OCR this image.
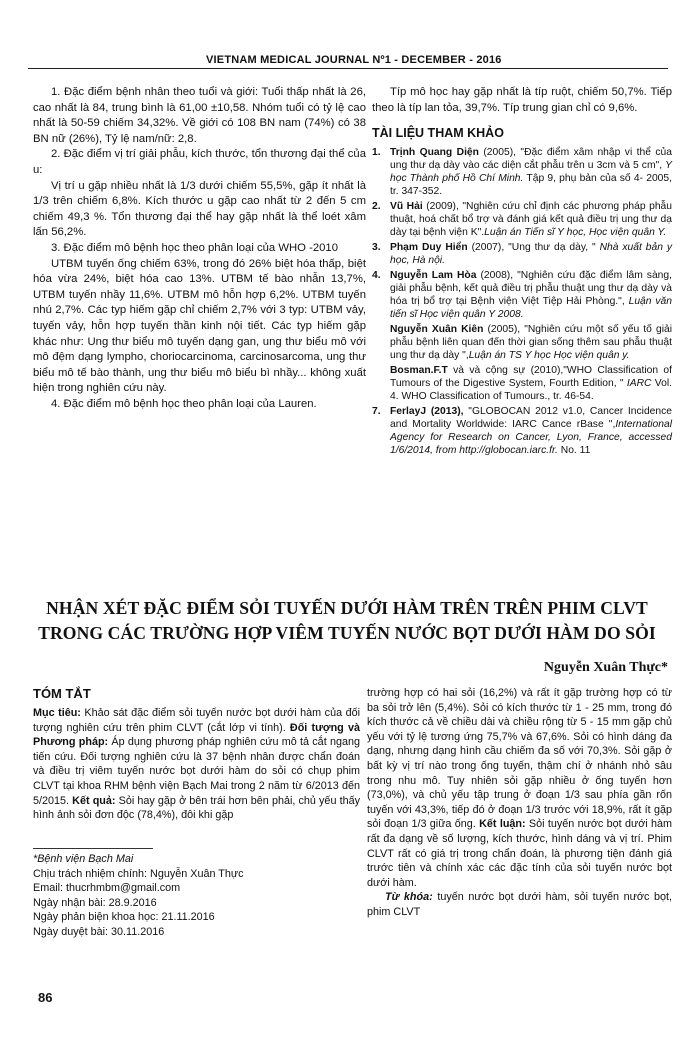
VIETNAM MEDICAL JOURNAL Nº1 - DECEMBER - 2016

1. Đặc điểm bệnh nhân theo tuổi và giới: Tuổi thấp nhất là 26, cao nhất là 84, trung bình là 61,00 ±10,58. Nhóm tuổi có tỷ lệ cao nhất là 50-59 chiếm 34,32%. Về giới có 108 BN nam (74%) có 38 BN nữ (26%), Tỷ lệ nam/nữ: 2,8.

2. Đặc điểm vị trí giải phẫu, kích thước, tổn thương đại thể của u:

Vị trí u gặp nhiều nhất là 1/3 dưới chiếm 55,5%, gặp ít nhất là 1/3 trên chiếm 6,8%. Kích thước u gặp cao nhất từ 2 đến 5 cm chiếm 49,3 %. Tổn thương đại thể hay gặp nhất là thể loét xâm lấn 56,2%.

3. Đặc điểm mô bệnh học theo phân loại của WHO -2010

UTBM tuyến ống chiếm 63%, trong đó 26% biệt hóa thấp, biệt hóa vừa 24%, biệt hóa cao 13%. UTBM tế bào nhẫn 13,7%, UTBM tuyến nhầy 11,6%. UTBM mô hỗn hợp 6,2%. UTBM tuyến nhú 2,7%. Các typ hiếm gặp chỉ chiếm 2,7% với 3 typ: UTBM vảy, tuyến vảy, hỗn hợp tuyến thần kinh nội tiết. Các typ hiếm gặp khác như: Ung thư biểu mô tuyến dạng gan, ung thư biểu mô với mô đệm dạng lympho, choriocarcinoma, carcinosarcoma, ung thư biểu mô tế bào thành, ung thư biểu mô biểu bì nhầy... không xuất hiện trong nghiên cứu này.

4. Đặc điểm mô bệnh học theo phân loại của Lauren.

Típ mô học hay gặp nhất là típ ruột, chiếm 50,7%. Tiếp theo là típ lan tỏa, 39,7%. Típ trung gian chỉ có 9,6%.

TÀI LIỆU THAM KHẢO

1. Trịnh Quang Diện (2005), "Đặc điểm xâm nhập vi thể của ung thư dạ dày vào các diện cắt phẫu trên u 3cm và 5 cm", Y học Thành phố Hồ Chí Minh. Tập 9, phụ bản của số 4- 2005, tr. 347-352.
2. Vũ Hải (2009), "Nghiên cứu chỉ định các phương pháp phẫu thuật, hoá chất bổ trợ và đánh giá kết quả điều trị ung thư dạ dày tại bệnh viện K".Luận án Tiến sĩ Y học, Học viện quân Y.
3. Phạm Duy Hiển (2007), "Ung thư dạ dày, " Nhà xuất bản y học, Hà nội.
4. Nguyễn Lam Hòa (2008), "Nghiên cứu đặc điểm lâm sàng, giải phẫu bệnh, kết quả điều trị phẫu thuật ung thư dạ dày và hóa trị bổ trợ tại Bệnh viện Việt Tiệp Hải Phòng.", Luận văn tiến sĩ Học viện quân Y 2008.
Nguyễn Xuân Kiên (2005), "Nghiên cứu một số yếu tố giải phẫu bệnh liên quan đến thời gian sống thêm sau phẫu thuật ung thư dạ dày ",Luận án TS Y học Học viện quân y.
Bosman.F.T và và cộng sự (2010),"WHO Classification of Tumours of the Digestive System, Fourth Edition, " IARC Vol. 4. WHO Classification of Tumours., tr. 46-54.
7. FerlayJ (2013), "GLOBOCAN 2012 v1.0, Cancer Incidence and Mortality Worldwide: IARC Cance rBase ",International Agency for Research on Cancer, Lyon, France, accessed 1/6/2014, from http://globocan.iarc.fr. No. 11
NHẬN XÉT ĐẶC ĐIỂM SỎI TUYẾN DƯỚI HÀM TRÊN TRÊN PHIM CLVT
TRONG CÁC TRƯỜNG HỢP VIÊM TUYẾN NƯỚC BỌT DƯỚI HÀM DO SỎI
Nguyễn Xuân Thực*
TÓM TẮT
Mục tiêu: Khảo sát đặc điểm sỏi tuyến nước bọt dưới hàm của đối tượng nghiên cứu trên phim CLVT (cắt lớp vi tính). Đối tượng và Phương pháp: Áp dụng phương pháp nghiên cứu mô tả cắt ngang tiến cứu. Đối tượng nghiên cứu là 37 bệnh nhân được chẩn đoán và điều trị viêm tuyến nước bọt dưới hàm do sỏi có chụp phim CLVT tại khoa RHM bệnh viện Bạch Mai trong 2 năm từ 6/2013 đến 5/2015. Kết quả: Sỏi hay gặp ở bên trái hơn bên phải, chủ yếu thấy hình ảnh sỏi đơn độc (78,4%), đôi khi gặp
trường hợp có hai sỏi (16,2%) và rất ít gặp trường hợp có từ ba sỏi trở lên (5,4%). Sỏi có kích thước từ 1 - 25 mm, trong đó kích thước cả về chiều dài và chiều rộng từ 5 - 15 mm gặp chủ yếu với tỷ lệ tương ứng 75,7% và 67,6%. Sỏi có hình dáng đa dạng, nhưng dạng hình cầu chiếm đa số với 70,3%. Sỏi gặp ở bất kỳ vị trí nào trong ống tuyến, thậm chí ở nhánh nhỏ sâu trong nhu mô. Tuy nhiên sỏi gặp nhiều ở ống tuyến hơn (73,0%), và chủ yếu tập trung ở đoạn 1/3 sau phía gần rốn tuyến với 43,3%, tiếp đó ở đoạn 1/3 trước với 18,9%, rất ít gặp sỏi đoạn 1/3 giữa ống. Kết luận: Sỏi tuyến nước bọt dưới hàm rất đa dạng về số lượng, kích thước, hình dáng và vị trí. Phim CLVT rất có giá trị trong chẩn đoán, là phương tiện đánh giá trước tiên và chính xác các đặc tính của sỏi tuyến nước bọt dưới hàm.
Từ khóa: tuyến nước bọt dưới hàm, sỏi tuyến nước bọt, phim CLVT
*Bệnh viện Bạch Mai
Chịu trách nhiệm chính: Nguyễn Xuân Thực
Email: thucrhmbm@gmail.com
Ngày nhận bài: 28.9.2016
Ngày phản biện khoa học: 21.11.2016
Ngày duyệt bài: 30.11.2016
86
